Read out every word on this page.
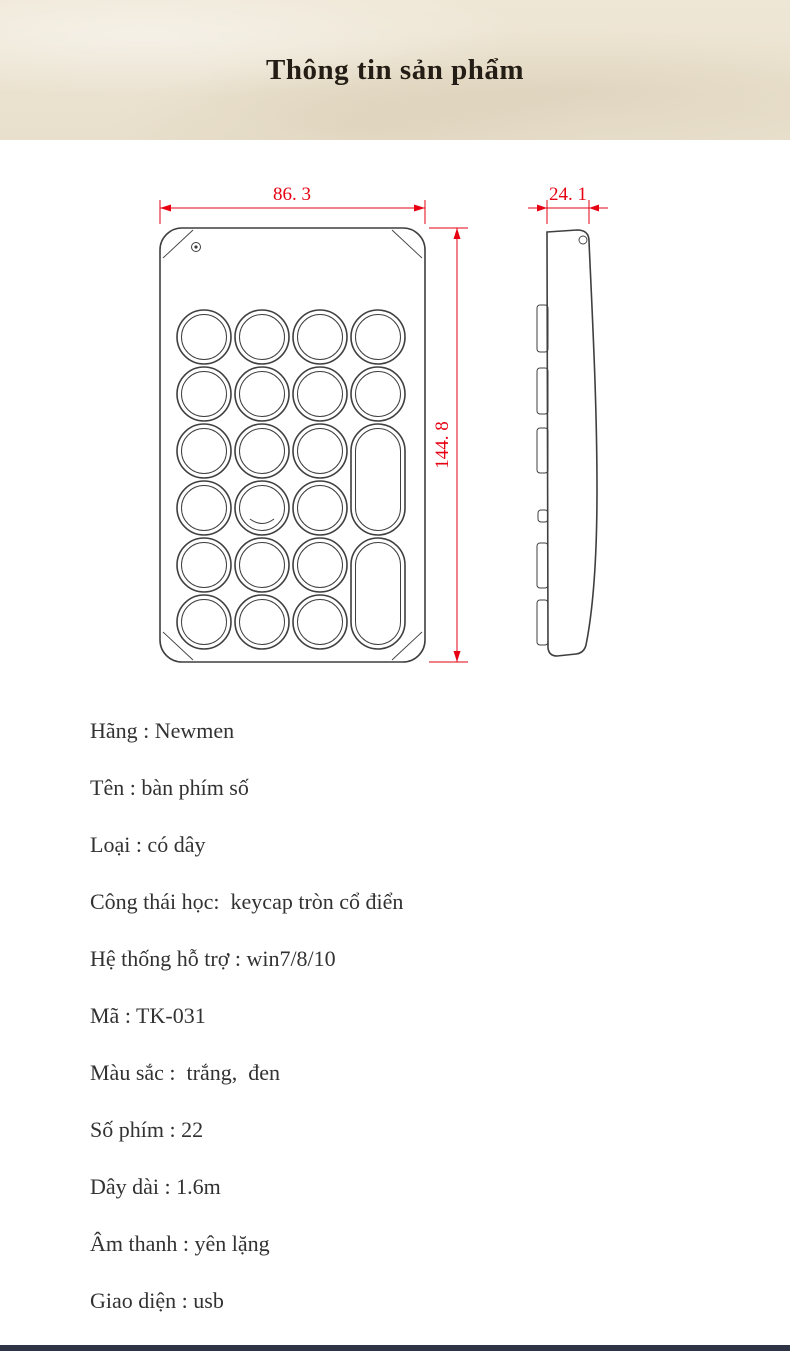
Thông tin sản phẩm
86. 3
144. 8
24. 1
Hãng : Newmen
Tên : bàn phím số
Loại : có dây
Công thái học:  keycap tròn cổ điển
Hệ thống hỗ trợ : win7/8/10
Mã : TK-031
Màu sắc :  trắng,  đen
Số phím : 22
Dây dài : 1.6m
Âm thanh : yên lặng
Giao diện : usb
